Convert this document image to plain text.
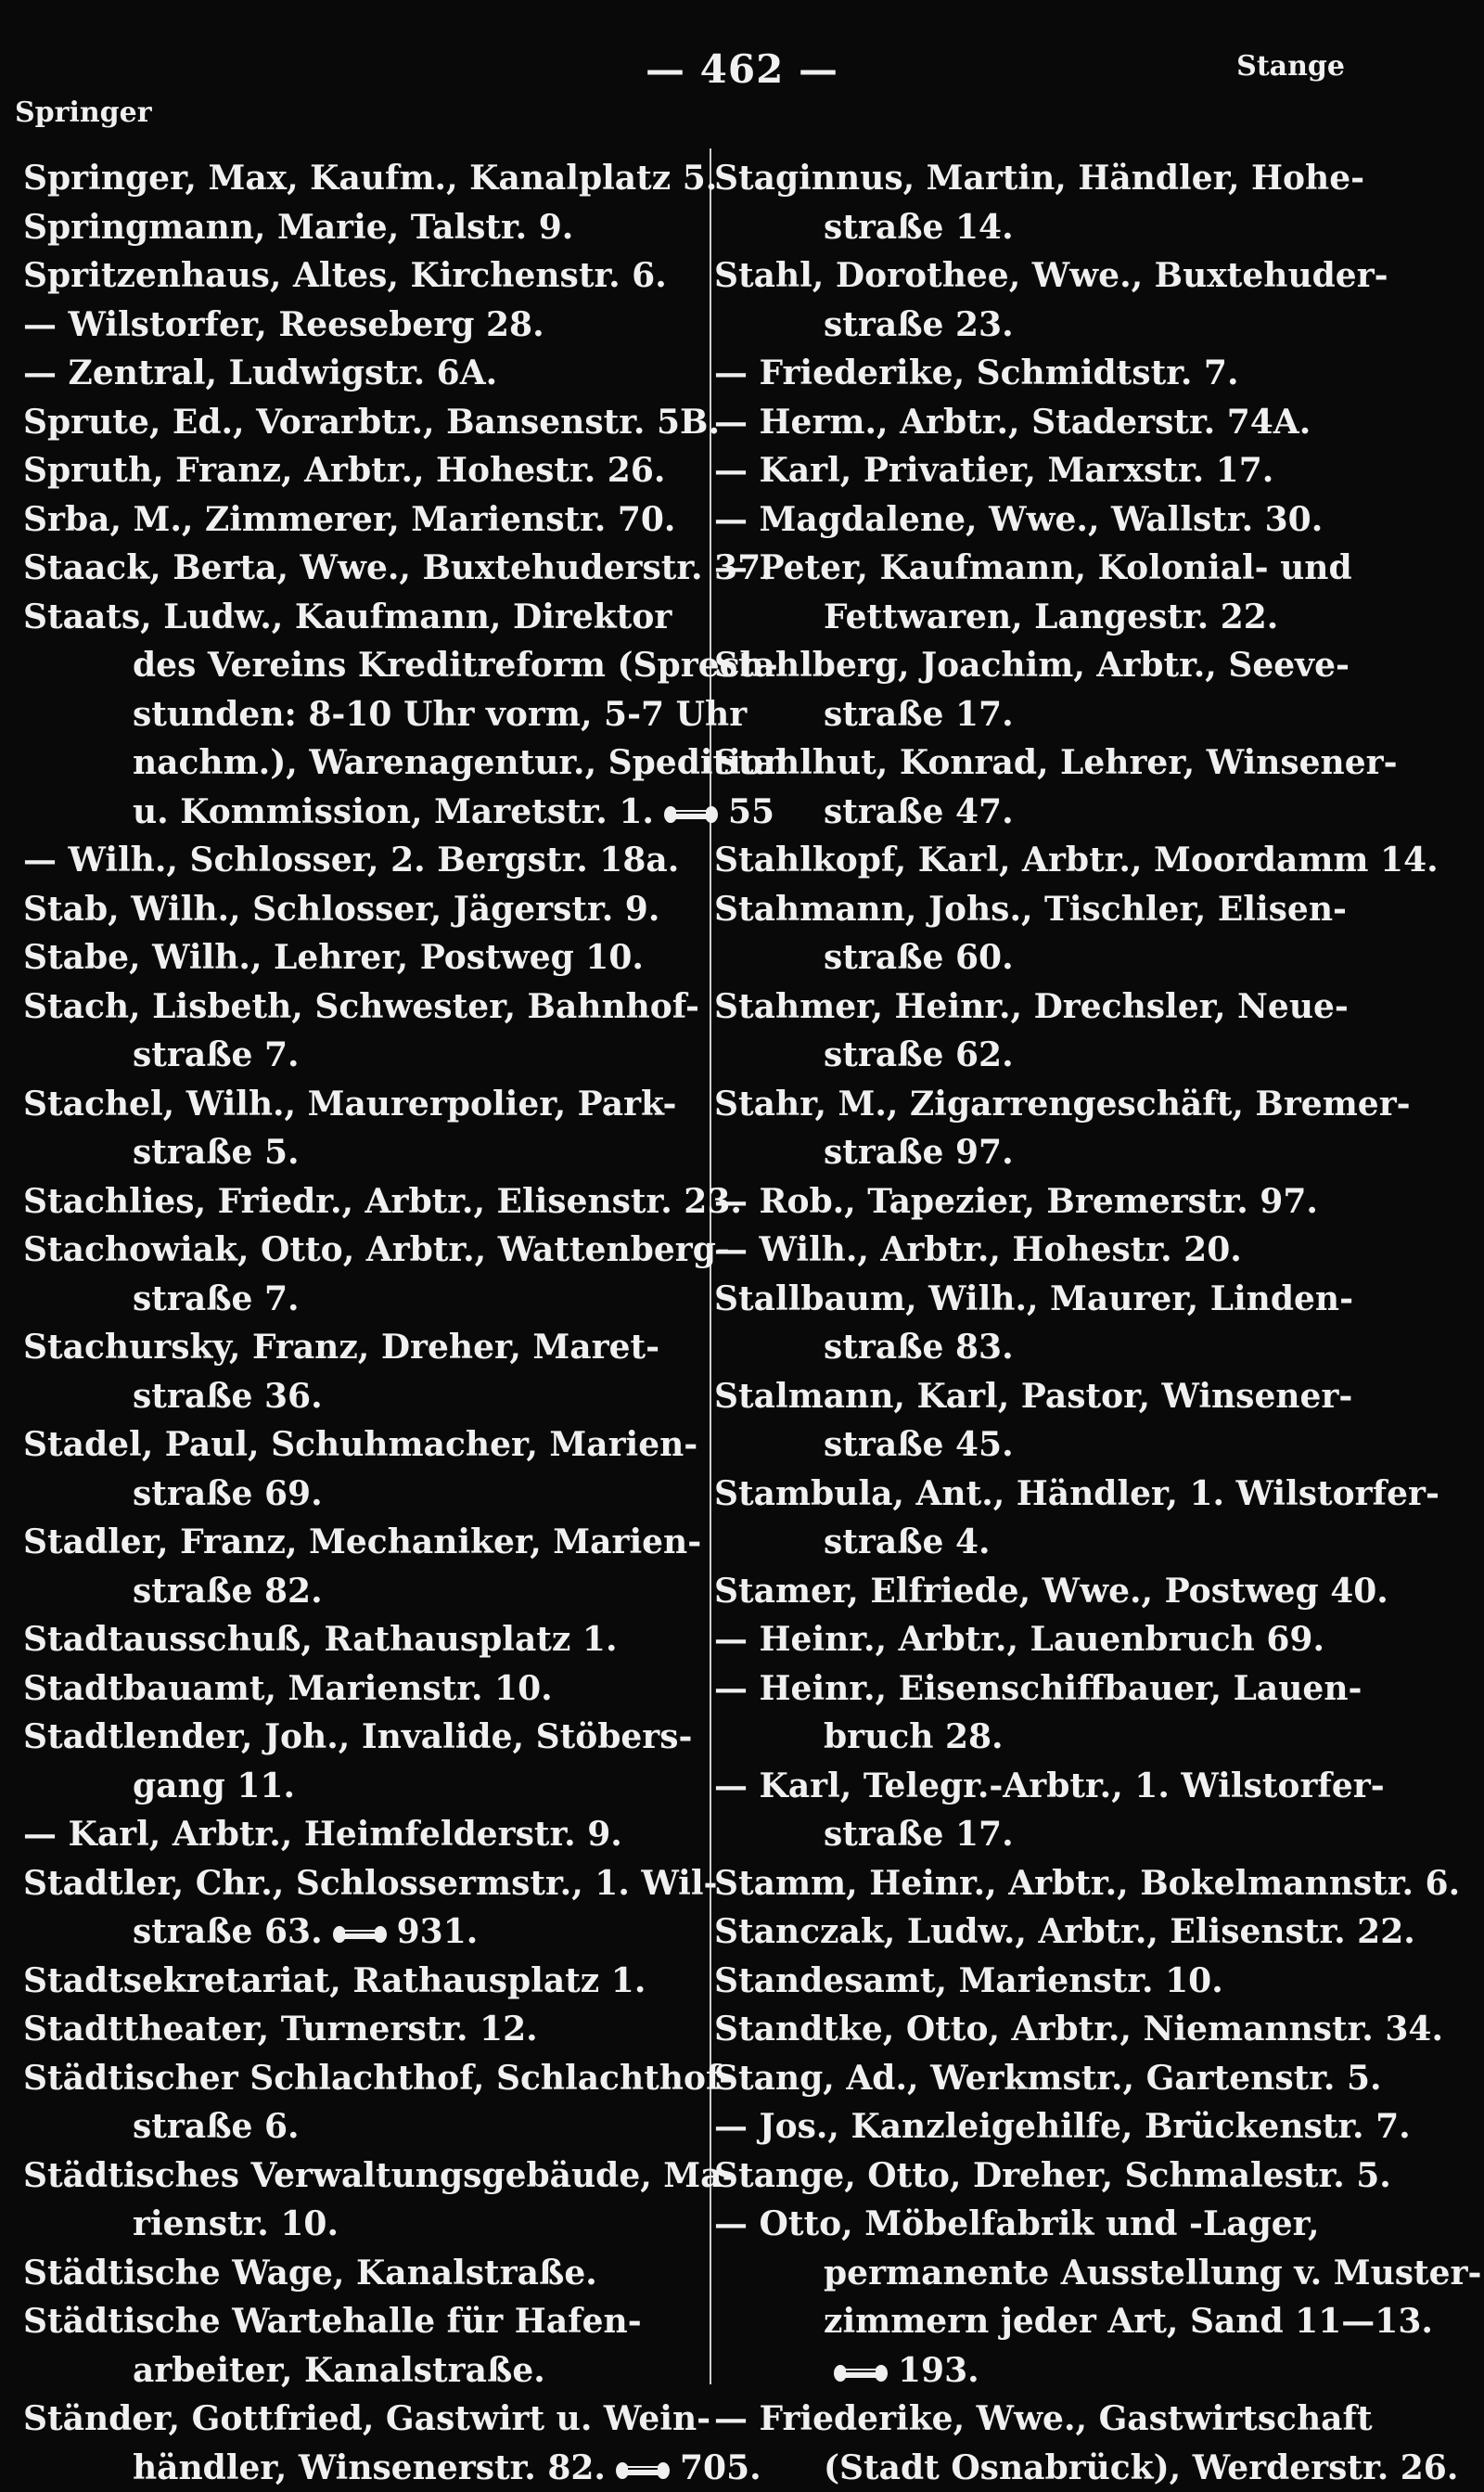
— 462 —
Springer
Stange
Springer, Max, Kaufm., Kanalplatz 5.
Springmann, Marie, Talstr. 9.
Spritzenhaus, Altes, Kirchenstr. 6.
— Wilstorfer, Reeseberg 28.
— Zentral, Ludwigstr. 6A.
Sprute, Ed., Vorarbtr., Bansenstr. 5B.
Spruth, Franz, Arbtr., Hohestr. 26.
Srba, M., Zimmerer, Marienstr. 70.
Staack, Berta, Wwe., Buxtehuderstr. 37.
Staats, Ludw., Kaufmann, Direktor
des Vereins Kreditreform (Sprech-
stunden: 8-10 Uhr vorm, 5-7 Uhr
nachm.), Warenagentur., Spedition
u. Kommission, Maretstr. 1. 55
— Wilh., Schlosser, 2. Bergstr. 18a.
Stab, Wilh., Schlosser, Jägerstr. 9.
Stabe, Wilh., Lehrer, Postweg 10.
Stach, Lisbeth, Schwester, Bahnhof-
straße 7.
Stachel, Wilh., Maurerpolier, Park-
straße 5.
Stachlies, Friedr., Arbtr., Elisenstr. 23.
Stachowiak, Otto, Arbtr., Wattenberg-
straße 7.
Stachursky, Franz, Dreher, Maret-
straße 36.
Stadel, Paul, Schuhmacher, Marien-
straße 69.
Stadler, Franz, Mechaniker, Marien-
straße 82.
Stadtausschuß, Rathausplatz 1.
Stadtbauamt, Marienstr. 10.
Stadtlender, Joh., Invalide, Stöbers-
gang 11.
— Karl, Arbtr., Heimfelderstr. 9.
Stadtler, Chr., Schlossermstr., 1. Wil-
straße 63. 931.
Stadtsekretariat, Rathausplatz 1.
Stadttheater, Turnerstr. 12.
Städtischer Schlachthof, Schlachthof-
straße 6.
Städtisches Verwaltungsgebäude, Ma-
rienstr. 10.
Städtische Wage, Kanalstraße.
Städtische Wartehalle für Hafen-
arbeiter, Kanalstraße.
Ständer, Gottfried, Gastwirt u. Wein-
händler, Winsenerstr. 82. 705.
Staginnus, Martin, Händler, Hohe-
straße 14.
Stahl, Dorothee, Wwe., Buxtehuder-
straße 23.
— Friederike, Schmidtstr. 7.
— Herm., Arbtr., Staderstr. 74A.
— Karl, Privatier, Marxstr. 17.
— Magdalene, Wwe., Wallstr. 30.
— Peter, Kaufmann, Kolonial- und
Fettwaren, Langestr. 22.
Stahlberg, Joachim, Arbtr., Seeve-
straße 17.
Stahlhut, Konrad, Lehrer, Winsener-
straße 47.
Stahlkopf, Karl, Arbtr., Moordamm 14.
Stahmann, Johs., Tischler, Elisen-
straße 60.
Stahmer, Heinr., Drechsler, Neue-
straße 62.
Stahr, M., Zigarrengeschäft, Bremer-
straße 97.
— Rob., Tapezier, Bremerstr. 97.
— Wilh., Arbtr., Hohestr. 20.
Stallbaum, Wilh., Maurer, Linden-
straße 83.
Stalmann, Karl, Pastor, Winsener-
straße 45.
Stambula, Ant., Händler, 1. Wilstorfer-
straße 4.
Stamer, Elfriede, Wwe., Postweg 40.
— Heinr., Arbtr., Lauenbruch 69.
— Heinr., Eisenschiffbauer, Lauen-
bruch 28.
— Karl, Telegr.-Arbtr., 1. Wilstorfer-
straße 17.
Stamm, Heinr., Arbtr., Bokelmannstr. 6.
Stanczak, Ludw., Arbtr., Elisenstr. 22.
Standesamt, Marienstr. 10.
Standtke, Otto, Arbtr., Niemannstr. 34.
Stang, Ad., Werkmstr., Gartenstr. 5.
— Jos., Kanzleigehilfe, Brückenstr. 7.
Stange, Otto, Dreher, Schmalestr. 5.
— Otto, Möbelfabrik und -Lager,
permanente Ausstellung v. Muster-
zimmern jeder Art, Sand 11—13.
193.
— Friederike, Wwe., Gastwirtschaft
(Stadt Osnabrück), Werderstr. 26.
